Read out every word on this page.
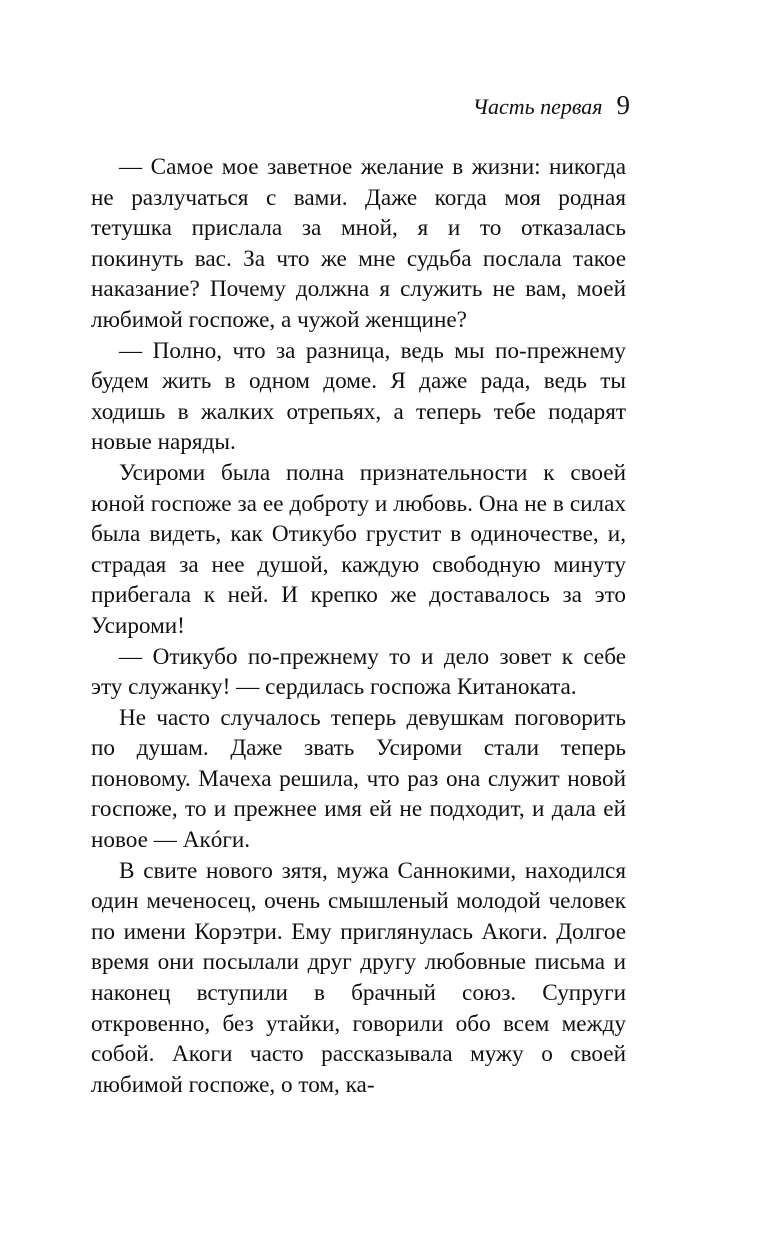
Часть первая 9

— Самое мое заветное желание в жизни: никогда не разлучаться с вами. Даже когда моя родная тетушка прислала за мной, я и то отказалась покинуть вас. За что же мне судьба послала такое наказание? Почему должна я служить не вам, моей любимой госпоже, а чужой женщине?

— Полно, что за разница, ведь мы по-прежнему будем жить в одном доме. Я даже рада, ведь ты ходишь в жалких отрепьях, а теперь тебе подарят новые наряды.

Усироми была полна признательности к своей юной госпоже за ее доброту и любовь. Она не в силах была видеть, как Отикубо грустит в одиночестве, и, страдая за нее душой, каждую свободную минуту прибегала к ней. И крепко же доставалось за это Усироми!

— Отикубо по-прежнему то и дело зовет к себе эту служанку! — сердилась госпожа Китаноката.

Не часто случалось теперь девушкам поговорить по душам. Даже звать Усироми стали теперь поновому. Мачеха решила, что раз она служит новой госпоже, то и прежнее имя ей не подходит, и дала ей новое — Акóги.

В свите нового зятя, мужа Саннокими, находился один меченосец, очень смышленый молодой человек по имени Корэтри. Ему приглянулась Акоги. Долгое время они посылали друг другу любовные письма и наконец вступили в брачный союз. Супруги откровенно, без утайки, говорили обо всем между собой. Акоги часто рассказывала мужу о своей любимой госпоже, о том, ка-
